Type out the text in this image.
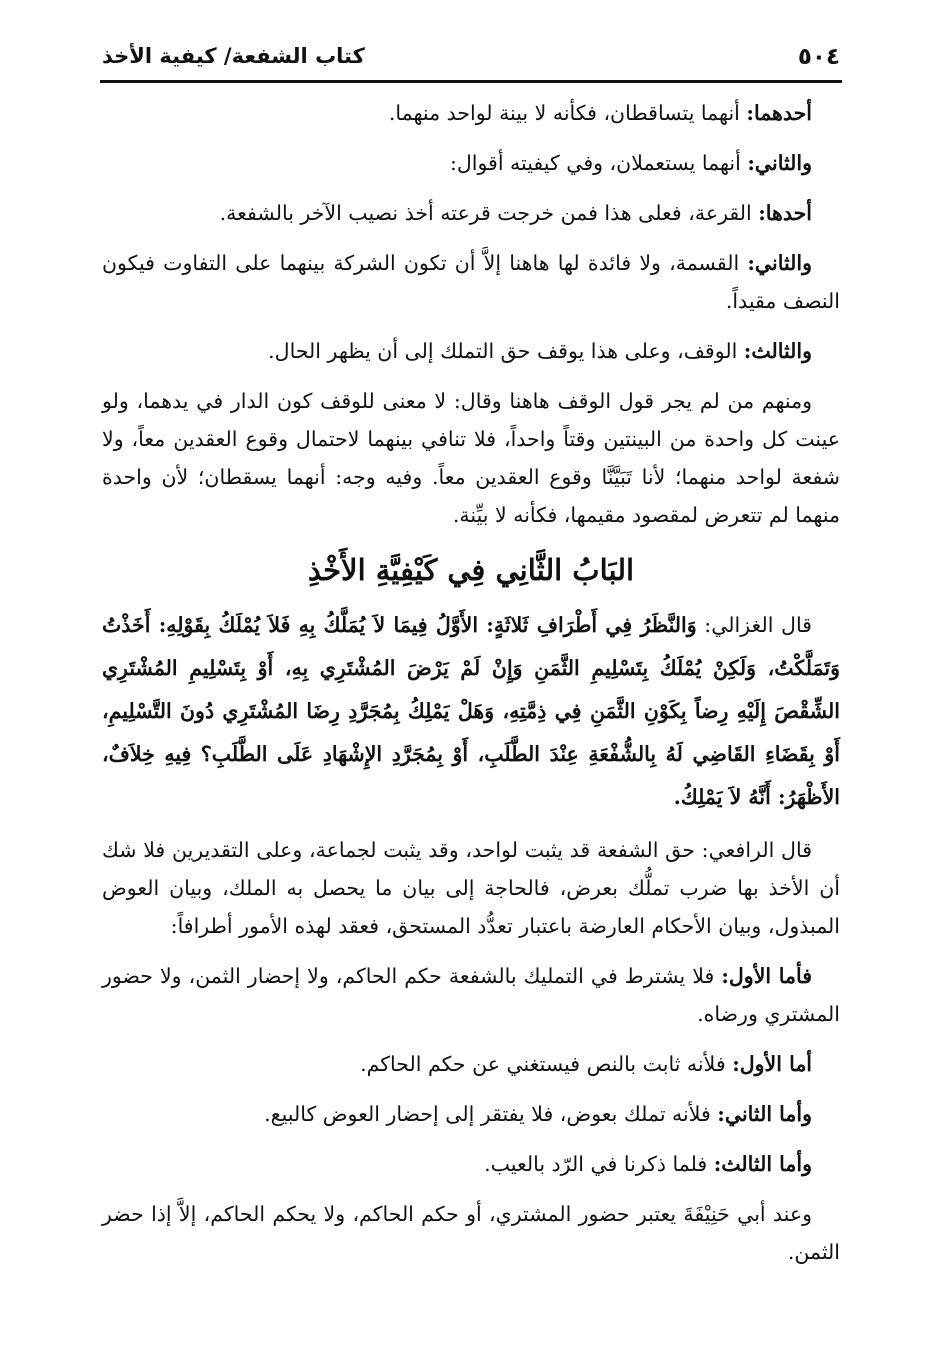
٥٠٤
كتاب الشفعة/ كيفية الأخذ

أحدهما: أنهما يتساقطان، فكأنه لا بينة لواحد منهما.

والثاني: أنهما يستعملان، وفي كيفيته أقوال:

أحدها: القرعة، فعلى هذا فمن خرجت قرعته أخذ نصيب الآخر بالشفعة.

والثاني: القسمة، ولا فائدة لها هاهنا إلاَّ أن تكون الشركة بينهما على التفاوت فيكون النصف مقيداً.

والثالث: الوقف، وعلى هذا يوقف حق التملك إلى أن يظهر الحال.

ومنهم من لم يجر قول الوقف هاهنا وقال: لا معنى للوقف كون الدار في يدهما، ولو عينت كل واحدة من البينتين وقتاً واحداً، فلا تنافي بينهما لاحتمال وقوع العقدين معاً، ولا شفعة لواحد منهما؛ لأنا تَبَيَّنَّا وقوع العقدين معاً. وفيه وجه: أنهما يسقطان؛ لأن واحدة منهما لم تتعرض لمقصود مقيمها، فكأنه لا بيِّنة.

البَابُ الثَّانِي فِي كَيْفِيَّةِ الأَخْذِ

قال الغزالي: وَالنَّظَرُ فِي أَطْرَافِ ثَلاثَةٍ: الأَوَّلُ فِيمَا لاَ يُمَلَّكُ بِهِ فَلاَ يُمْلَكُ بِقَوْلِهِ: أَخَذْتُ وَتَمَلَّكْتُ، وَلَكِنْ يُمْلَكُ بِتَسْلِيمِ الثَّمَنِ وَإِنْ لَمْ يَرْضَ المُشْتَرِي بِهِ، أَوْ بِتَسْلِيمِ المُشْتَرِي الشِّقْصَ إِلَيْهِ رِضاً بِكَوْنِ الثَّمَنِ فِي ذِمَّتِهِ، وَهَلْ يَمْلِكُ بِمُجَرَّدِ رِضَا المُشْتَرِي دُونَ التَّسْلِيمِ، أَوْ بِقَضَاءِ القَاضِي لَهُ بِالشُّفْعَةِ عِنْدَ الطَّلَبِ، أَوْ بِمُجَرَّدِ الإِشْهَادِ عَلَى الطَّلَبِ؟ فِيهِ خِلاَفٌ، الأَظْهَرُ: أَنَّهُ لاَ يَمْلِكُ.

قال الرافعي: حق الشفعة قد يثبت لواحد، وقد يثبت لجماعة، وعلى التقديرين فلا شك أن الأخذ بها ضرب تملُّك بعرض، فالحاجة إلى بيان ما يحصل به الملك، وبيان العوض المبذول، وبيان الأحكام العارضة باعتبار تعدُّد المستحق، فعقد لهذه الأمور أطرافاً:

فأما الأول: فلا يشترط في التمليك بالشفعة حكم الحاكم، ولا إحضار الثمن، ولا حضور المشتري ورضاه.

أما الأول: فلأنه ثابت بالنص فيستغني عن حكم الحاكم.

وأما الثاني: فلأنه تملك بعوض، فلا يفتقر إلى إحضار العوض كالبيع.

وأما الثالث: فلما ذكرنا في الرّد بالعيب.

وعند أبي حَنِيْفَةَ يعتبر حضور المشتري، أو حكم الحاكم، ولا يحكم الحاكم، إلاَّ إذا حضر الثمن.
